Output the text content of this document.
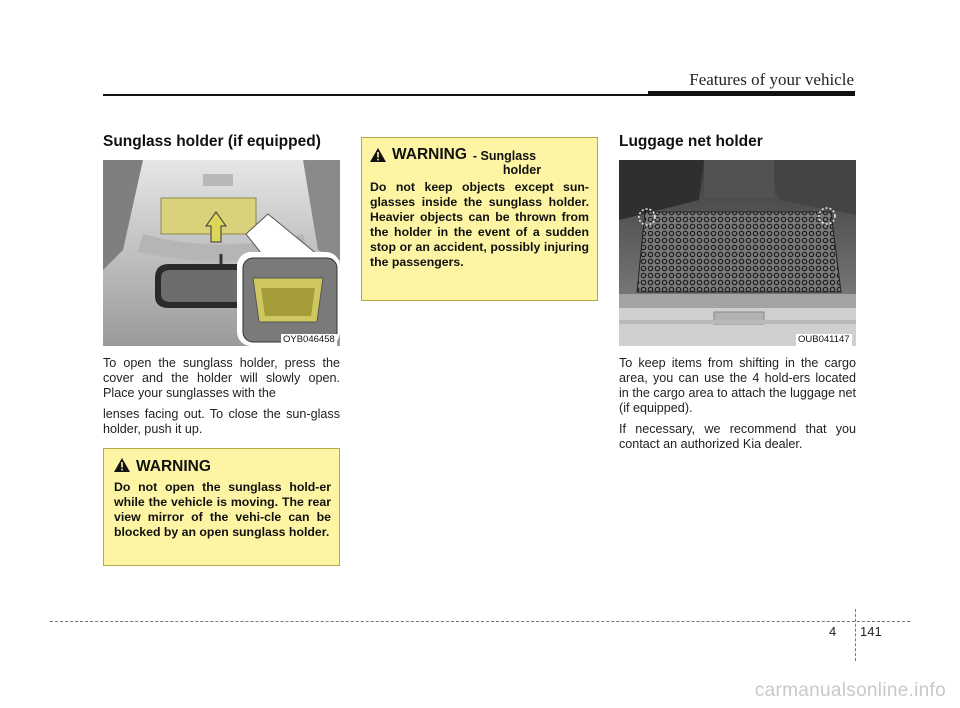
Features of your vehicle
Sunglass holder (if equipped)
OYB046458

To open the sunglass holder, press the cover and the holder will slowly open. Place your sunglasses with the

lenses facing out. To close the sun-glass holder, push it up.

WARNING
Do not open the sunglass hold-er while the vehicle is moving. The rear view mirror of the vehi-cle can be blocked by an open sunglass holder.
WARNING - Sunglass
holder
Do not keep objects except sun-glasses inside the sunglass holder. Heavier objects can be thrown from the holder in the event of a sudden stop or an accident, possibly injuring the passengers.
Luggage net holder
OUB041147

To keep items from shifting in the cargo area, you can use the 4 hold-ers located in the cargo area to attach the luggage net (if equipped).

If necessary, we recommend that you contact an authorized Kia dealer.

4 141
carmanualsonline.info
